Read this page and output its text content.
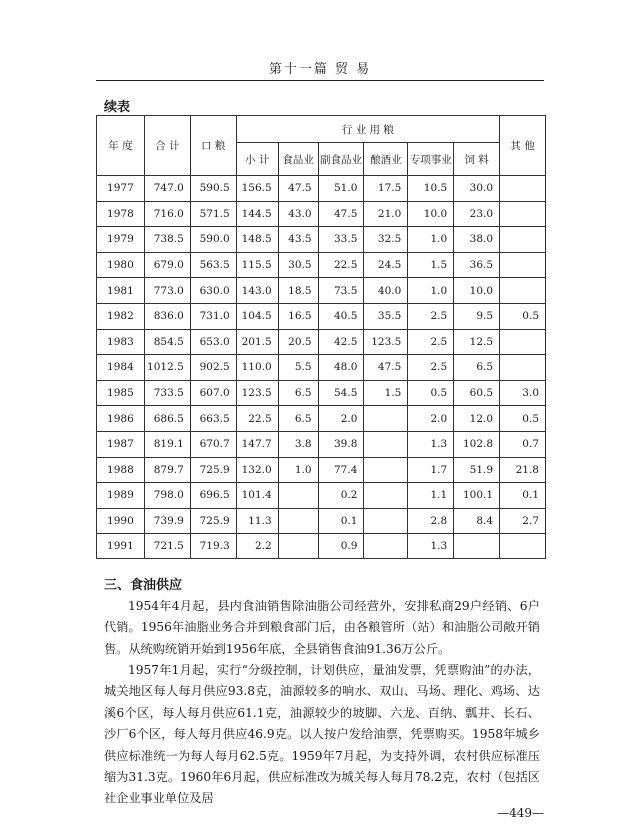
第十一篇 贸 易
续表
年 度	合 计	口 粮	行 业 用 粮						其 他
			小 计	食品业	副食品业	酿酒业	专项事业	饲 料	
1977	747.0	590.5	156.5	47.5	51.0	17.5	10.5	30.0	
1978	716.0	571.5	144.5	43.0	47.5	21.0	10.0	23.0	
1979	738.5	590.0	148.5	43.5	33.5	32.5	1.0	38.0	
1980	679.0	563.5	115.5	30.5	22.5	24.5	1.5	36.5	
1981	773.0	630.0	143.0	18.5	73.5	40.0	1.0	10.0	
1982	836.0	731.0	104.5	16.5	40.5	35.5	2.5	9.5	0.5
1983	854.5	653.0	201.5	20.5	42.5	123.5	2.5	12.5	
1984	1012.5	902.5	110.0	5.5	48.0	47.5	2.5	6.5	
1985	733.5	607.0	123.5	6.5	54.5	1.5	0.5	60.5	3.0
1986	686.5	663.5	22.5	6.5	2.0		2.0	12.0	0.5
1987	819.1	670.7	147.7	3.8	39.8		1.3	102.8	0.7
1988	879.7	725.9	132.0	1.0	77.4		1.7	51.9	21.8
1989	798.0	696.5	101.4		0.2		1.1	100.1	0.1
1990	739.9	725.9	11.3		0.1		2.8	8.4	2.7
1991	721.5	719.3	2.2		0.9		1.3		
三、食油供应
1954年4月起，县内食油销售除油脂公司经营外，安排私商29户经销、6户代销。1956年油脂业务合并到粮食部门后，由各粮管所（站）和油脂公司敞开销售。从统购统销开始到1956年底，全县销售食油91.36万公斤。
1957年1月起，实行“分级控制，计划供应，量油发票，凭票购油”的办法，城关地区每人每月供应93.8克，油源较多的响水、双山、马场、理化、鸡场、达溪6个区，每人每月供应61.1克，油源较少的坡脚、六龙、百纳、瓢井、长石、沙厂6个区，每人每月供应46.9克。以人按户发给油票，凭票购买。1958年城乡供应标准统一为每人每月62.5克。1959年7月起，为支持外调，农村供应标准压缩为31.3克。1960年6月起，供应标准改为城关每人每月78.2克，农村（包括区社企业事业单位及居
—449—
